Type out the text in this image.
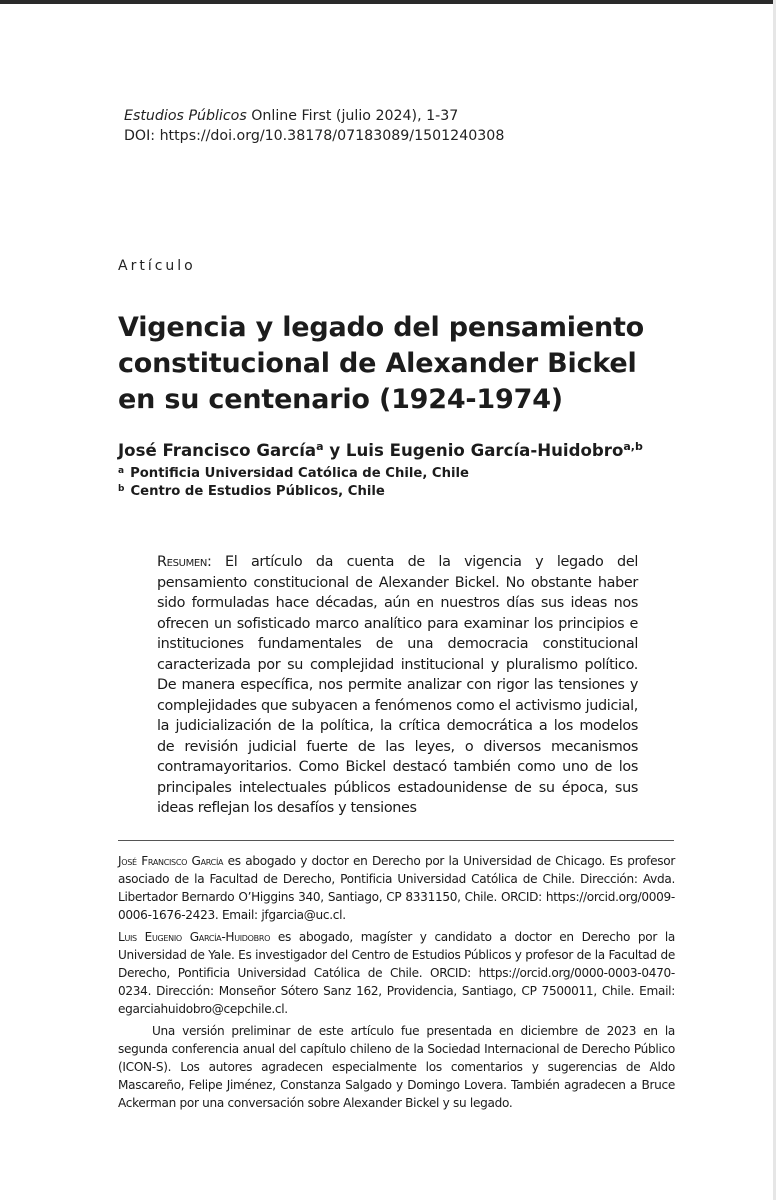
Estudios Públicos Online First (julio 2024), 1-37
DOI: https://doi.org/10.38178/07183089/1501240308
Artículo
Vigencia y legado del pensamiento constitucional de Alexander Bickel en su centenario (1924-1974)
José Francisco García$^a$ y Luis Eugenio García-Huidobro$^{a,b}$
$^a$ Pontificia Universidad Católica de Chile, Chile
$^b$ Centro de Estudios Públicos, Chile

Resumen: El artículo da cuenta de la vigencia y legado del pensamiento constitucional de Alexander Bickel. No obstante haber sido formuladas hace décadas, aún en nuestros días sus ideas nos ofrecen un sofisticado marco analítico para examinar los principios e instituciones fundamentales de una democracia constitucional caracterizada por su complejidad institucional y pluralismo político. De manera específica, nos permite analizar con rigor las tensiones y complejidades que subyacen a fenómenos como el activismo judicial, la judicialización de la política, la crítica democrática a los modelos de revisión judicial fuerte de las leyes, o diversos mecanismos contramayoritarios. Como Bickel destacó también como uno de los principales intelectuales públicos estadounidense de su época, sus ideas reflejan los desafíos y tensiones

José Francisco García es abogado y doctor en Derecho por la Universidad de Chicago. Es profesor asociado de la Facultad de Derecho, Pontificia Universidad Católica de Chile. Dirección: Avda. Libertador Bernardo O’Higgins 340, Santiago, CP 8331150, Chile. ORCID: https://orcid.org/0009-0006-1676-2423. Email: jfgarcia@uc.cl.

Luis Eugenio García-Huidobro es abogado, magíster y candidato a doctor en Derecho por la Universidad de Yale. Es investigador del Centro de Estudios Públicos y profesor de la Facultad de Derecho, Pontificia Universidad Católica de Chile. ORCID: https://orcid.org/0000-0003-0470-0234. Dirección: Monseñor Sótero Sanz 162, Providencia, Santiago, CP 7500011, Chile. Email: egarciahuidobro@cepchile.cl.

Una versión preliminar de este artículo fue presentada en diciembre de 2023 en la segunda conferencia anual del capítulo chileno de la Sociedad Internacional de Derecho Público (ICON-S). Los autores agradecen especialmente los comentarios y sugerencias de Aldo Mascareño, Felipe Jiménez, Constanza Salgado y Domingo Lovera. También agradecen a Bruce Ackerman por una conversación sobre Alexander Bickel y su legado.
